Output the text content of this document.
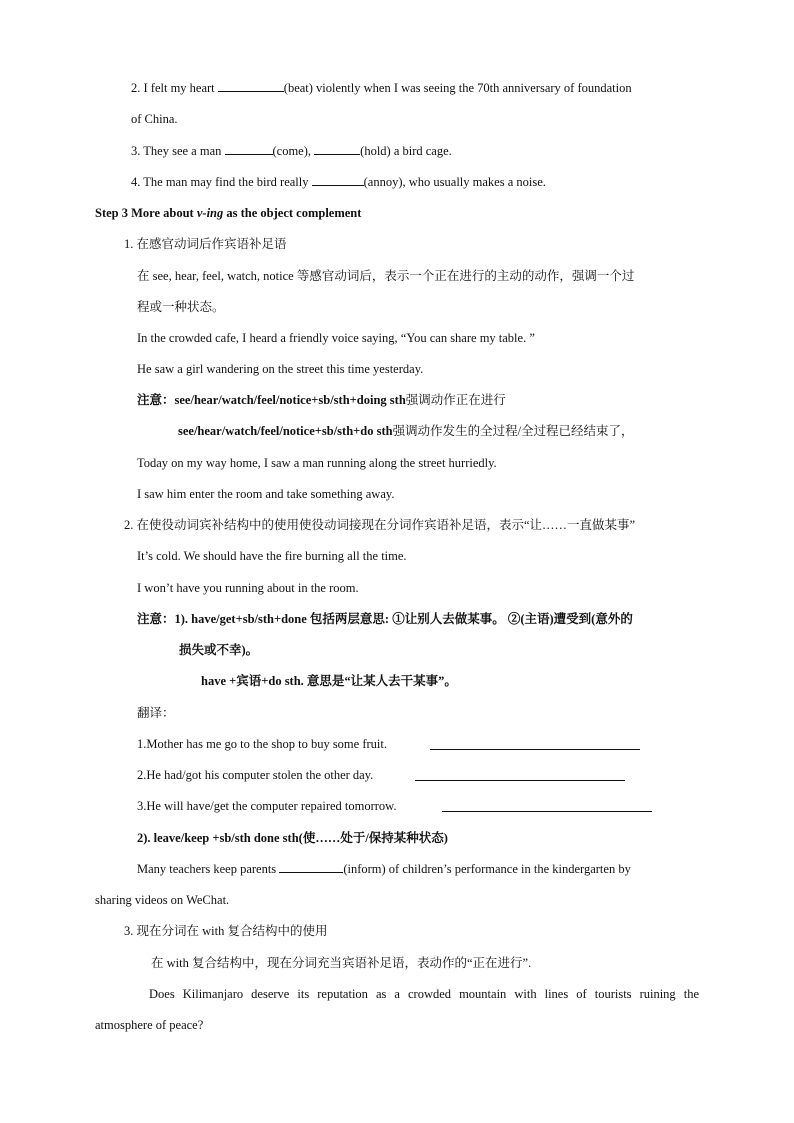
2. I felt my heart	(beat) violently when I was seeing the 70th anniversary of foundation
of China.
3. They see a man	(come),	(hold) a bird cage.
4. The man may find the bird really	(annoy), who usually makes a noise.
Step 3 More about v-ing as the object complement
1. 在感官动词后作宾语补足语
在 see, hear, feel, watch, notice 等感官动词后，表示一个正在进行的主动的动作，强调一个过
程或一种状态。
In the crowded cafe, I heard a friendly voice saying, “You can share my table. ”
He saw a girl wandering on the street this time yesterday.
注意：see/hear/watch/feel/notice+sb/sth+doing sth强调动作正在进行
see/hear/watch/feel/notice+sb/sth+do sth强调动作发生的全过程/全过程已经结束了，
Today on my way home, I saw a man running along the street hurriedly.
I saw him enter the room and take something away.
2. 在使役动词宾补结构中的使用使役动词接现在分词作宾语补足语，表示“让……一直做某事”
It’s cold. We should have the fire burning all the time.
I won’t have you running about in the room.
注意：1). have/get+sb/sth+done 包括两层意思: ①让别人去做某事。 ②(主语)遭受到(意外的
损失或不幸)。
have +宾语+do sth. 意思是“让某人去干某事”。
翻译：
1.Mother has me go to the shop to buy some fruit.
2.He had/got his computer stolen the other day.
3.He will have/get the computer repaired tomorrow.
2). leave/keep +sb/sth done sth(使……处于/保持某种状态)
Many teachers keep parents	(inform) of children’s performance in the kindergarten by
sharing videos on WeChat.
3. 现在分词在 with 复合结构中的使用
在 with 复合结构中，现在分词充当宾语补足语，表动作的“正在进行”.
Does Kilimanjaro deserve its reputation as a crowded mountain with lines of tourists ruining the
atmosphere of peace?
